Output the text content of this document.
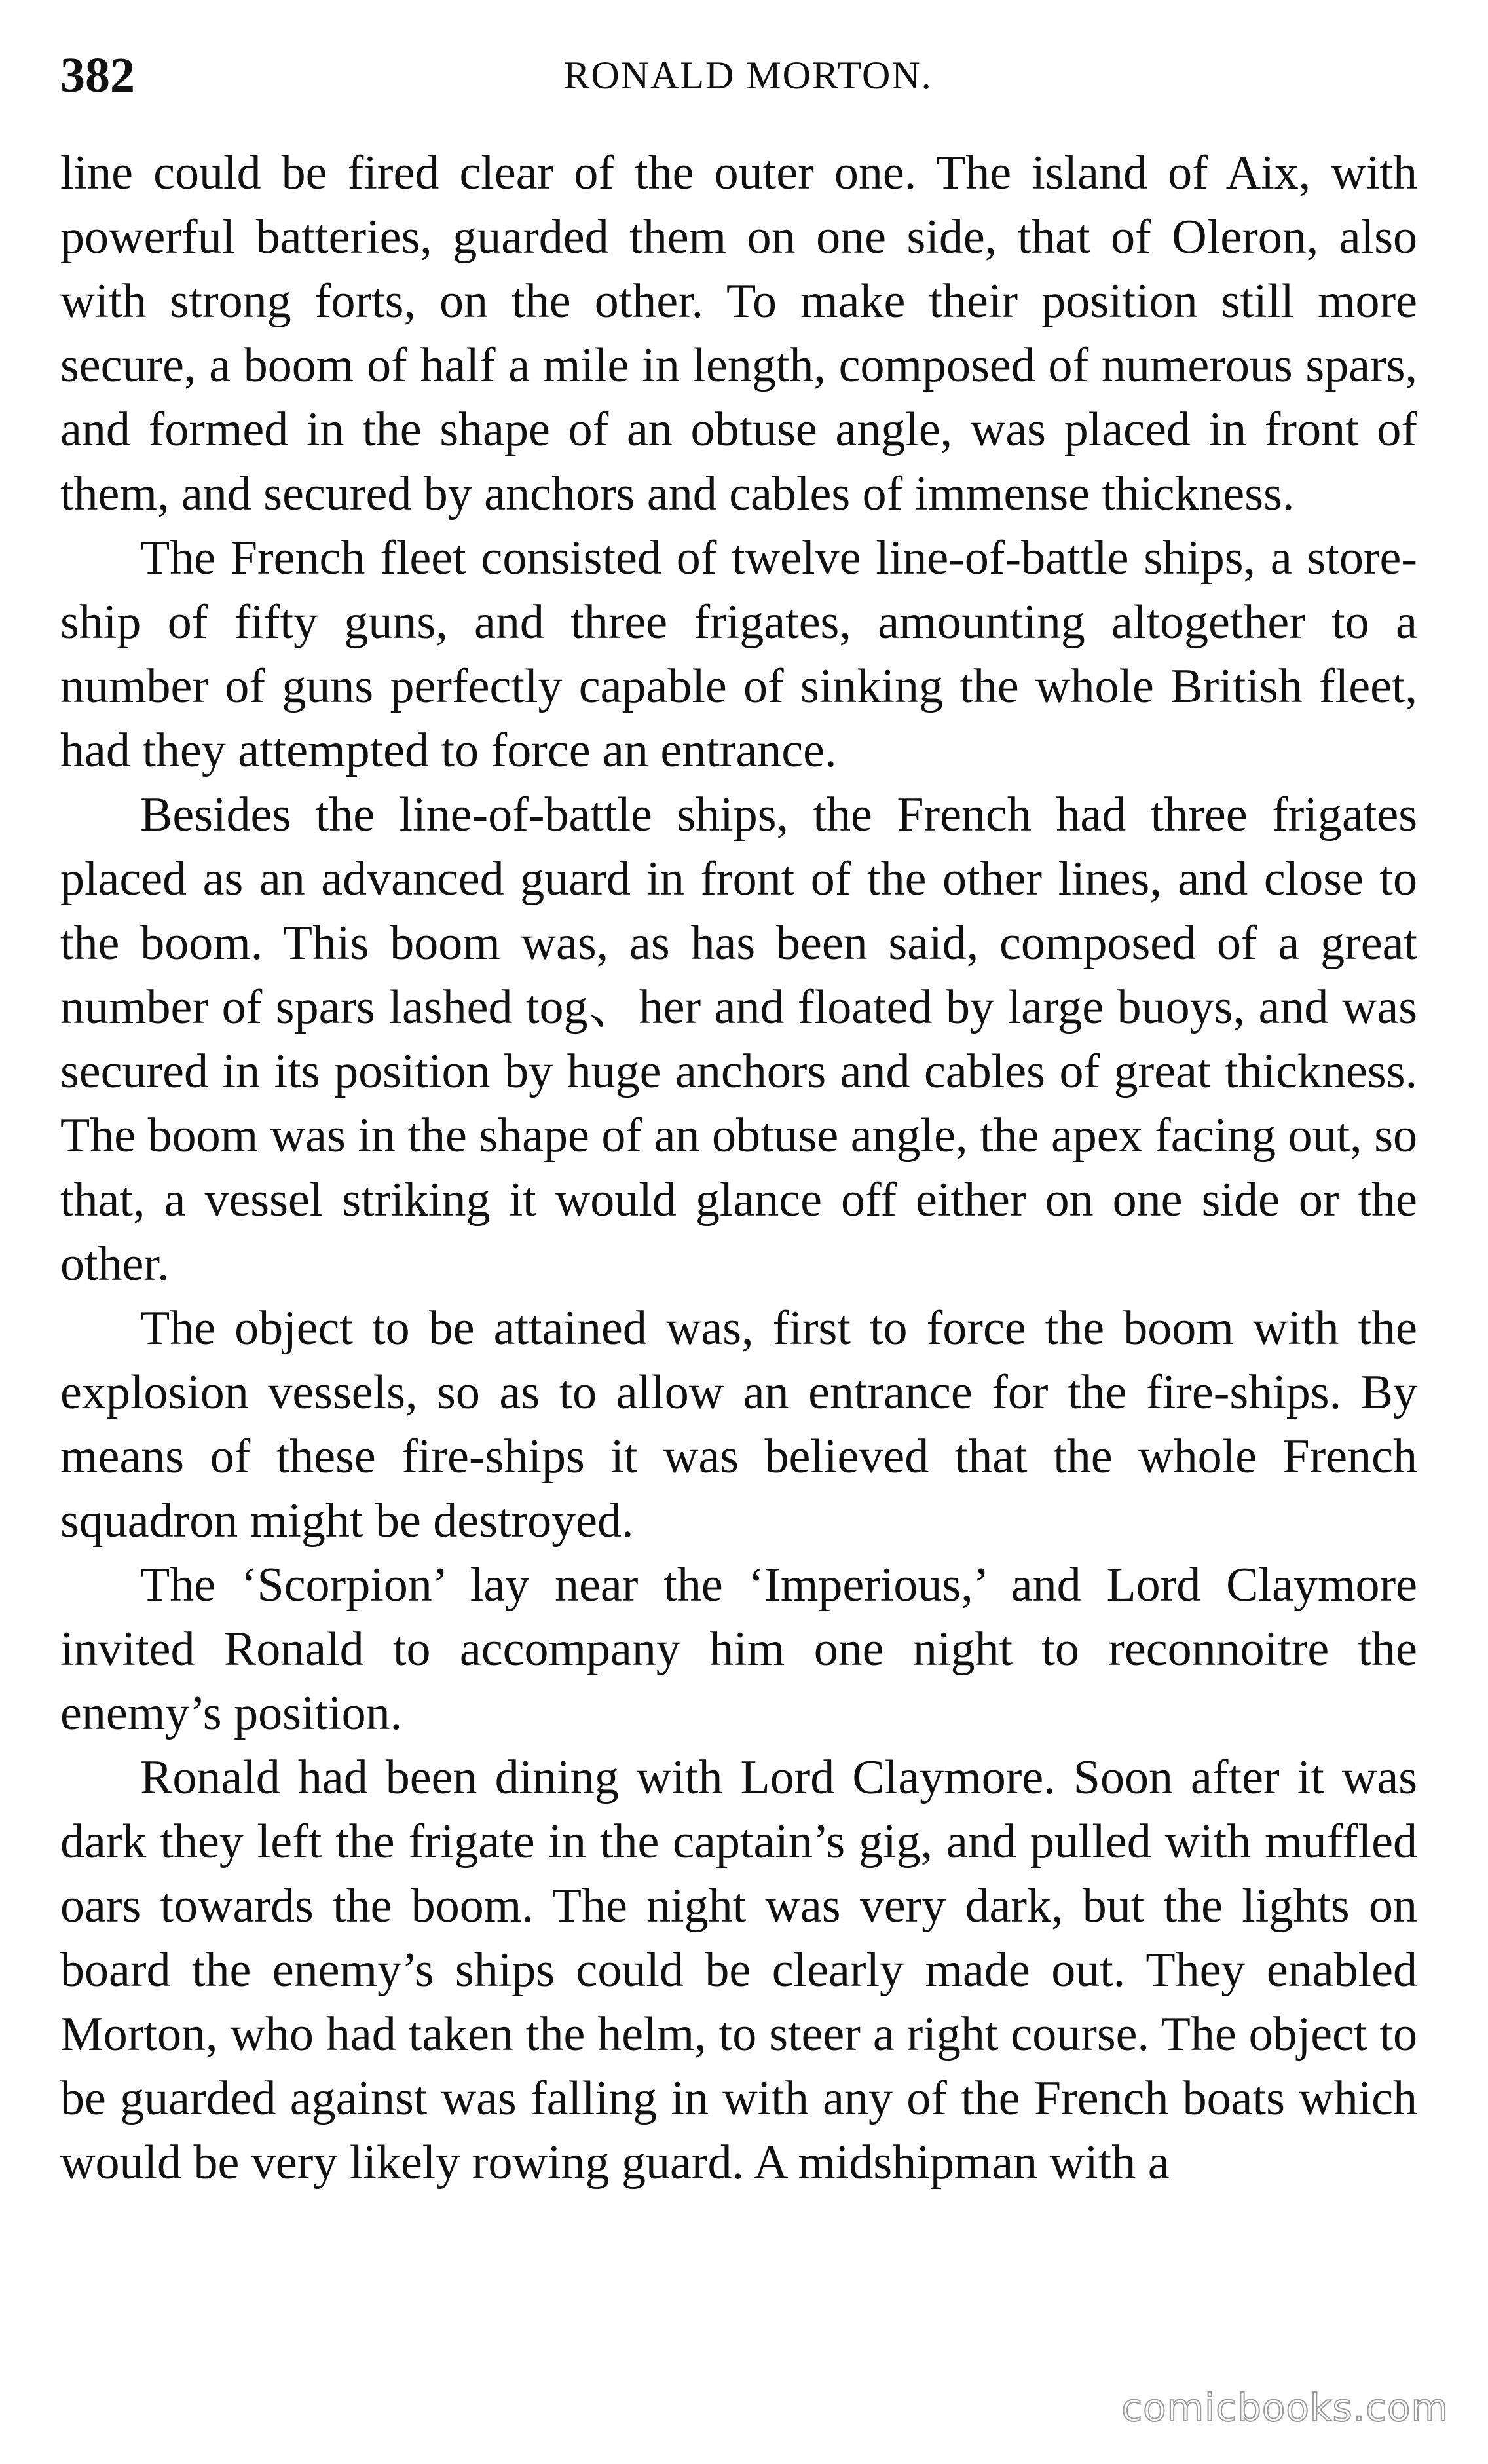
382	RONALD MORTON.

line could be fired clear of the outer one. The island of Aix, with powerful batteries, guarded them on one side, that of Oleron, also with strong forts, on the other. To make their position still more secure, a boom of half a mile in length, composed of numerous spars, and formed in the shape of an obtuse angle, was placed in front of them, and secured by anchors and cables of immense thickness.

The French fleet consisted of twelve line-of-battle ships, a store-ship of fifty guns, and three frigates, amounting altogether to a number of guns perfectly capable of sinking the whole British fleet, had they attempted to force an entrance.

Besides the line-of-battle ships, the French had three frigates placed as an advanced guard in front of the other lines, and close to the boom. This boom was, as has been said, composed of a great number of spars lashed tog、her and floated by large buoys, and was secured in its position by huge anchors and cables of great thickness. The boom was in the shape of an obtuse angle, the apex facing out, so that, a vessel striking it would glance off either on one side or the other.

The object to be attained was, first to force the boom with the explosion vessels, so as to allow an entrance for the fire-ships. By means of these fire-ships it was believed that the whole French squadron might be destroyed.

The ‘Scorpion’ lay near the ‘Imperious,’ and Lord Claymore invited Ronald to accompany him one night to reconnoitre the enemy’s position.

Ronald had been dining with Lord Claymore. Soon after it was dark they left the frigate in the captain’s gig, and pulled with muffled oars towards the boom. The night was very dark, but the lights on board the enemy’s ships could be clearly made out. They enabled Morton, who had taken the helm, to steer a right course. The object to be guarded against was falling in with any of the French boats which would be very likely rowing guard. A midshipman with a

comicbooks.com
